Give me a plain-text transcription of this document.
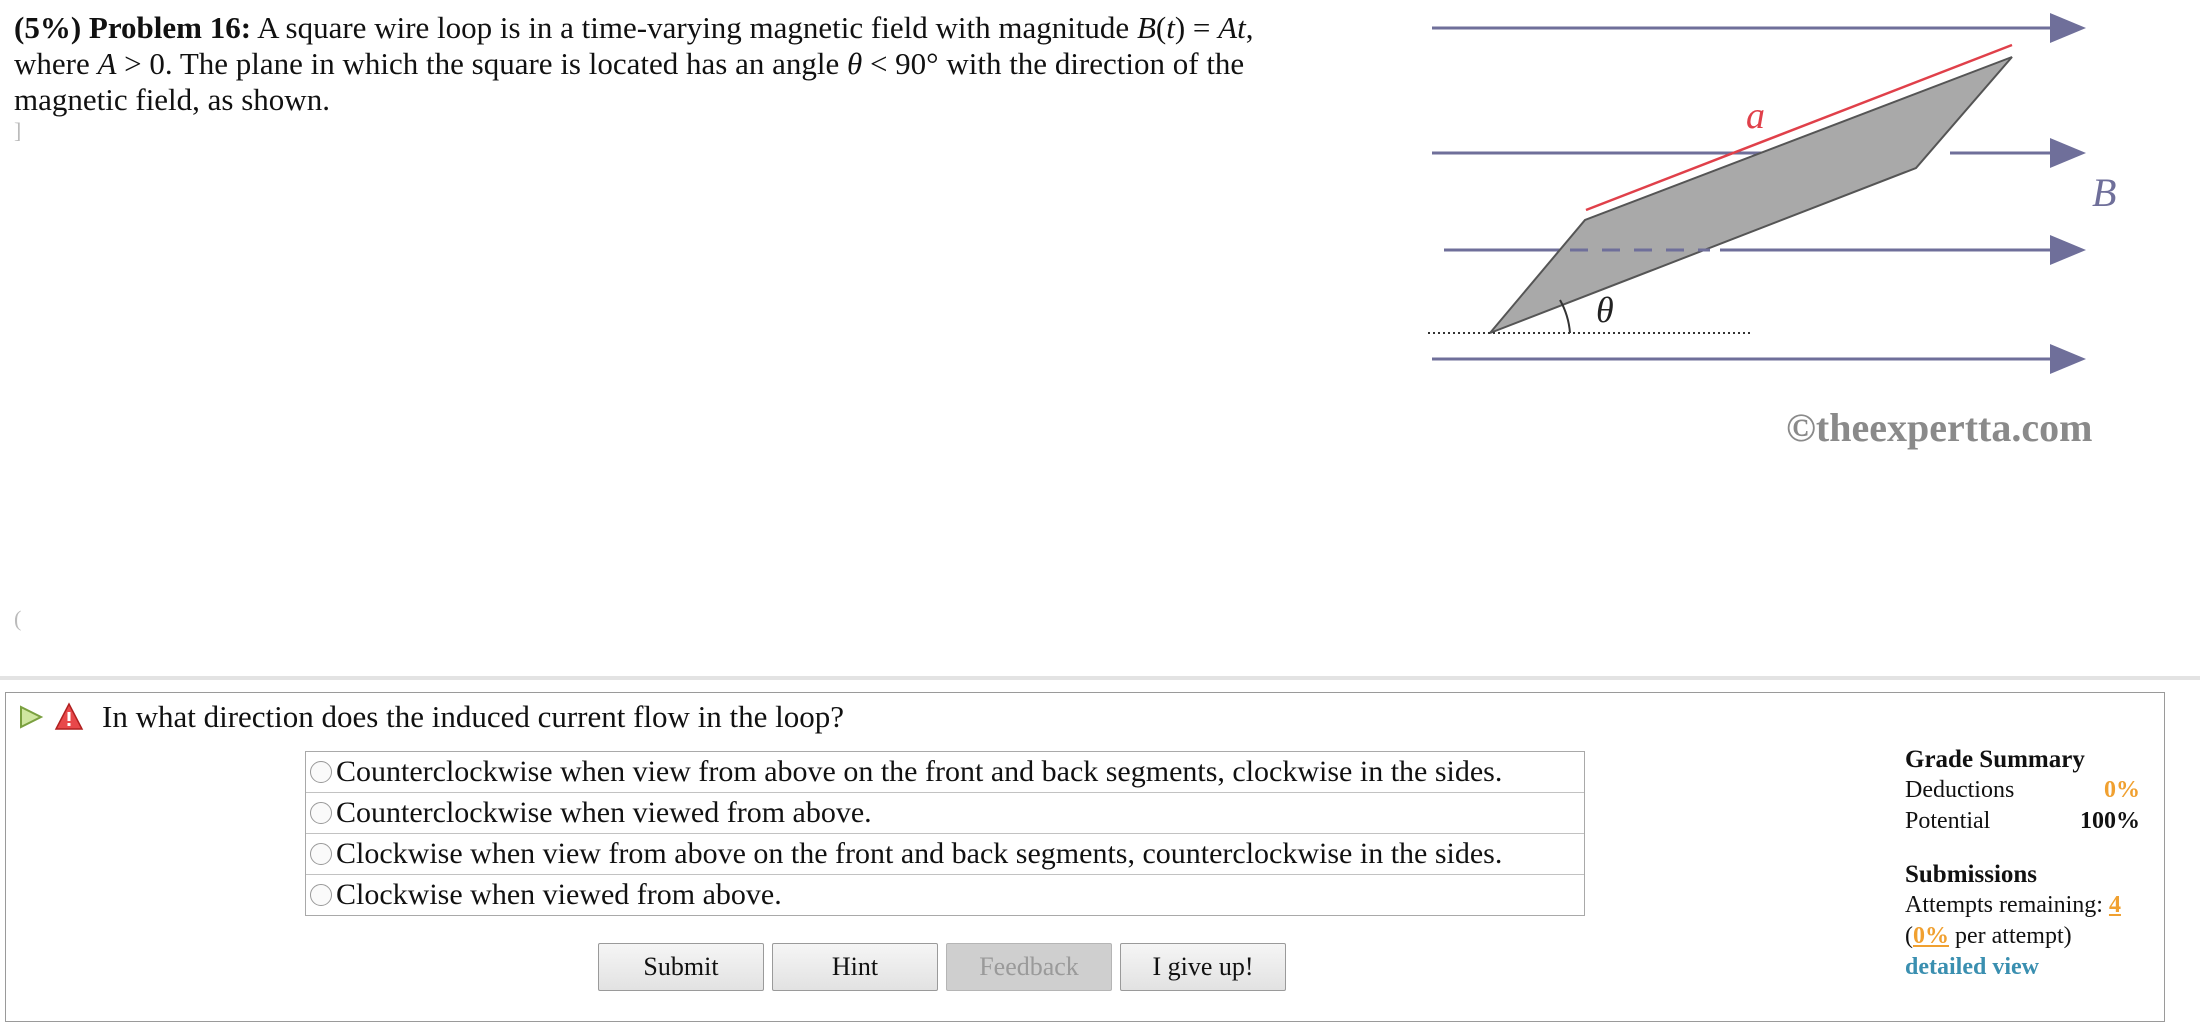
(5%) Problem 16: A square wire loop is in a time-varying magnetic field with magnitude B(t) = At,
where A > 0. The plane in which the square is located has an angle θ < 90° with the direction of the
magnetic field, as shown.
]
(
a
B
θ
©theexpertta.com
In what direction does the induced current flow in the loop?
Counterclockwise when view from above on the front and back segments, clockwise in the sides.
Counterclockwise when viewed from above.
Clockwise when view from above on the front and back segments, counterclockwise in the sides.
Clockwise when viewed from above.
Submit	Hint	Feedback	I give up!
Grade Summary
Deductions	0%
Potential	100%
Submissions
Attempts remaining: 4
(0% per attempt)
detailed view
